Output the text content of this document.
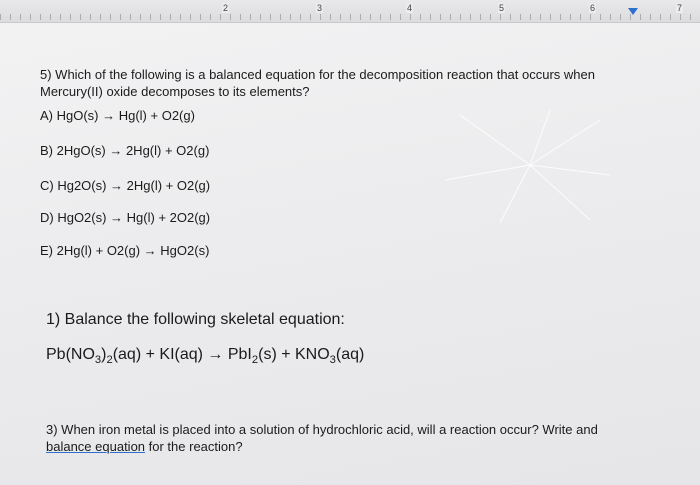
2	3	4	5	6	7
5) Which of the following is a balanced equation for the decomposition reaction that occurs when Mercury(II) oxide decomposes to its elements?
A) HgO(s) → Hg(l) + O2(g)
B) 2HgO(s) → 2Hg(l) + O2(g)
C) Hg2O(s) → 2Hg(l) + O2(g)
D) HgO2(s) → Hg(l) + 2O2(g)
E) 2Hg(l) + O2(g) → HgO2(s)
1) Balance the following skeletal equation:
$Pb(NO_3)_2(aq) + KI(aq) \to PbI_2(s) + KNO_3(aq)$
3) When iron metal is placed into a solution of hydrochloric acid, will a reaction occur? Write and
balance equation for the reaction?
